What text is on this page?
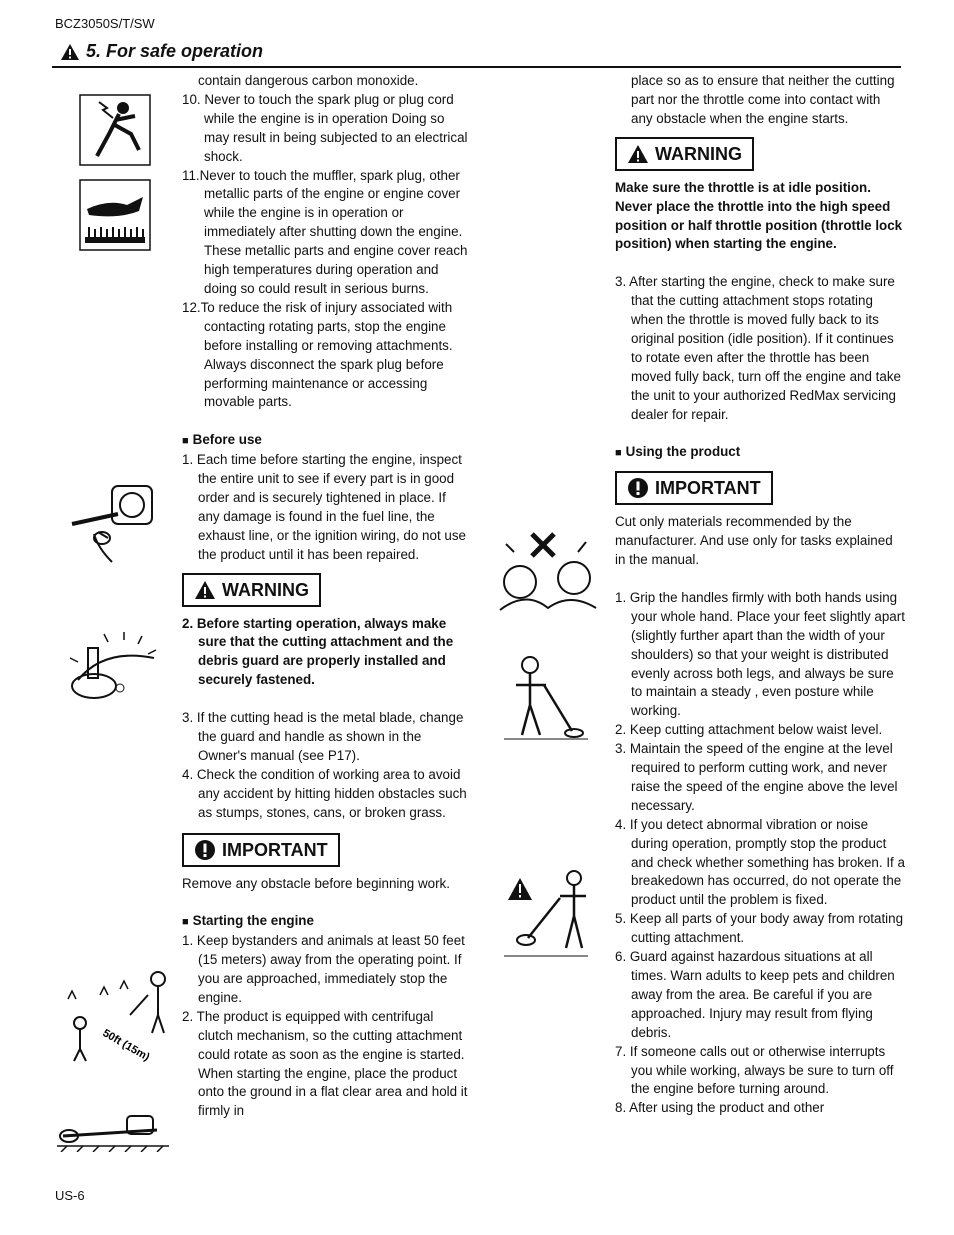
BCZ3050S/T/SW
5. For safe operation
50ft (15m)

contain dangerous carbon monoxide.

10. Never to touch the spark plug or plug cord while the engine is in operation Doing so may result in being subjected to an electrical shock.

11.Never to touch the muffler, spark plug, other metallic parts of the engine or engine cover while the engine is in operation or immediately after shutting down the engine. These metallic parts and engine cover reach high temperatures during operation and doing so could result in serious burns.

12.To reduce the risk of injury associated with contacting rotating parts, stop the engine before installing or removing attachments. Always disconnect the spark plug before performing maintenance or accessing movable parts.

■ Before use

1. Each time before starting the engine, inspect the entire unit to see if every part is in good order and is securely tightened in place. If any damage is found in the fuel line, the exhaust line, or the ignition wiring, do not use the product until it has been repaired.

WARNING

2. Before starting operation, always make sure that the cutting attachment and the debris guard are properly installed and securely fastened.

3. If the cutting head is the metal blade, change the guard and handle as shown in the Owner's manual (see P17).

4. Check the condition of working area to avoid any accident by hitting hidden obstacles such as stumps, stones, cans, or broken grass.

IMPORTANT

Remove any obstacle before beginning work.

■ Starting the engine

1. Keep bystanders and animals at least 50 feet (15 meters) away from the operating point. If you are approached, immediately stop the engine.

2. The product is equipped with centrifugal clutch mechanism, so the cutting attachment could rotate as soon as the engine is started. When starting the engine, place the product onto the ground in a flat clear area and hold it firmly in

place so as to ensure that neither the cutting part nor the throttle come into contact with any obstacle when the engine starts.

WARNING

Make sure the throttle is at idle position. Never place the throttle into the high speed position or half throttle position (throttle lock position) when starting the engine.

3. After starting the engine, check to make sure that the cutting attachment stops rotating when the throttle is moved fully back to its original position (idle position). If it continues to rotate even after the throttle has been moved fully back, turn off the engine and take the unit to your authorized RedMax servicing dealer for repair.

■ Using the product

IMPORTANT

Cut only materials recommended by the manufacturer. And use only for tasks explained in the manual.

1. Grip the handles firmly with both hands using your whole hand. Place your feet slightly apart (slightly further apart than the width of your shoulders) so that your weight is distributed evenly across both legs, and always be sure to maintain a steady , even posture while working.

2. Keep cutting attachment below waist level.

3. Maintain the speed of the engine at the level required to perform cutting work, and never raise the speed of the engine above the level necessary.

4. If you detect abnormal vibration or noise during operation, promptly stop the product and check whether something has broken. If a breakedown has occurred, do not operate the product until the problem is fixed.

5. Keep all parts of your body away from rotating cutting attachment.

6. Guard against hazardous situations at all times. Warn adults to keep pets and children away from the area. Be careful if you are approached. Injury may result from flying debris.

7. If someone calls out or otherwise interrupts you while working, always be sure to turn off the engine before turning around.

8. After using the product and other

US-6
